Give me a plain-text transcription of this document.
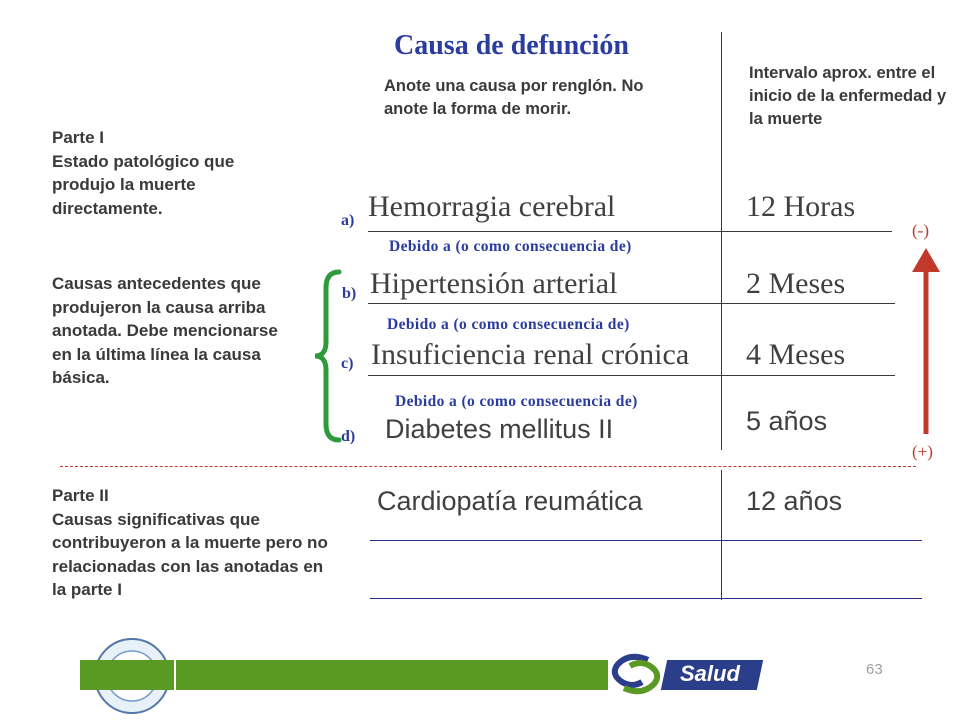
Causa de defunción
Anote una causa por renglón. No anote la forma de morir.
Intervalo aprox. entre el inicio de la enfermedad y la muerte
Parte I
Estado patológico que produjo la muerte directamente.
Causas antecedentes que produjeron la causa arriba anotada. Debe mencionarse en la última línea la causa básica.
Parte II
Causas significativas que contribuyeron a la muerte pero no relacionadas con las anotadas en la parte I
a) Hemorragia cerebral	12 Horas
Debido a (o como consecuencia de)
b) Hipertensión arterial	2 Meses
Debido a (o como consecuencia de)
c) Insuficiencia renal crónica 4 Meses
Debido a (o como consecuencia de)
d) Diabetes mellitus II	5 años
Cardiopatía reumática	12 años
(-)
(+)
Salud	63
